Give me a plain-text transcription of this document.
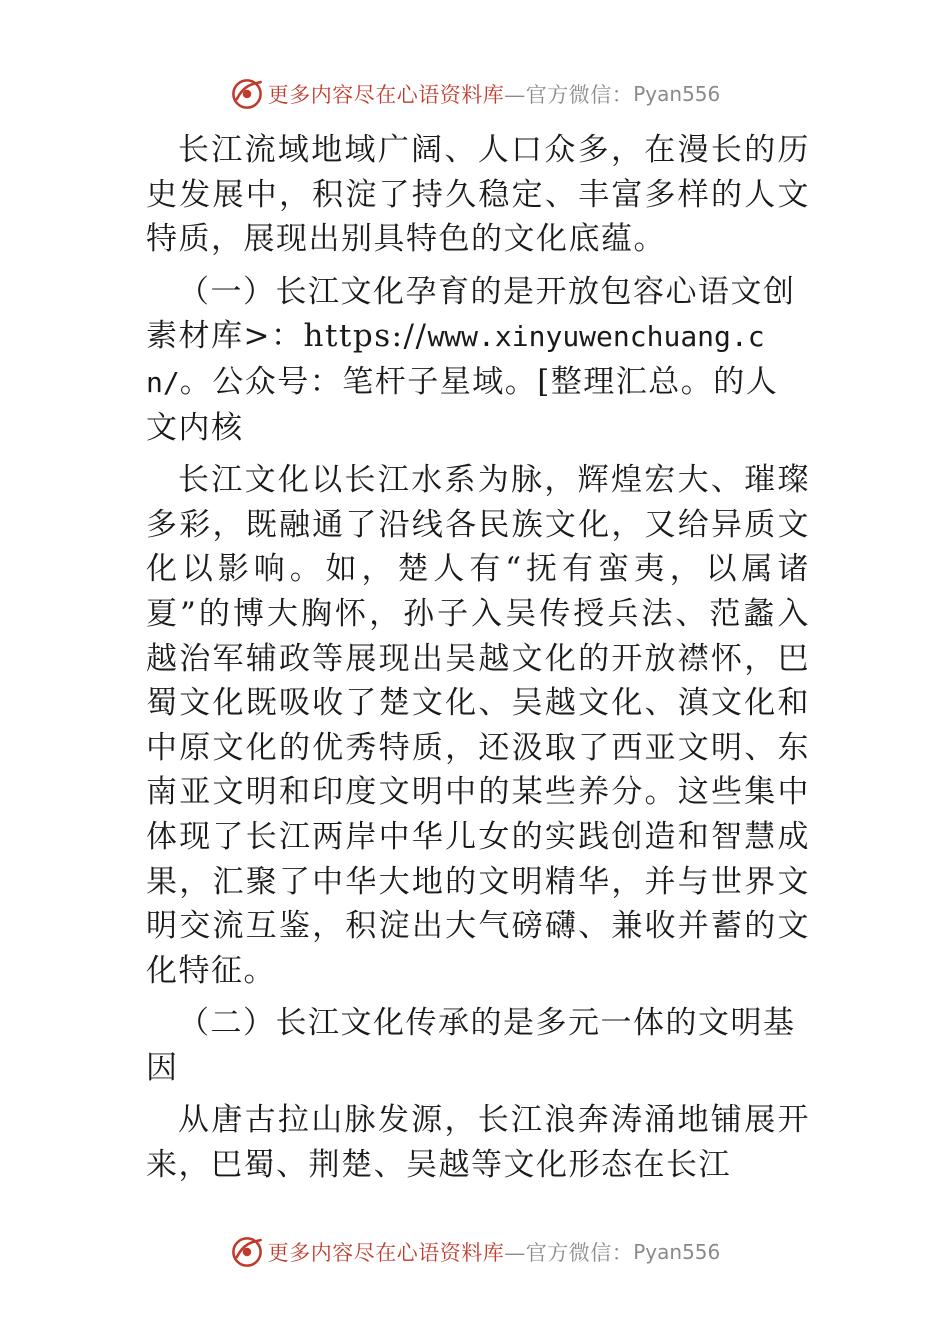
更多内容尽在心语资料库 —官方微信： Pyan556

长江流域地域广阔、人口众多，在漫长的历史发展中，积淀了持久稳定、丰富多样的人文特质，展现出别具特色的文化底蕴。

（一）长江文化孕育的是开放包容心语文创素材库>：https://www.xinyuwenchuang.cn/。公众号：笔杆子星域。[整理汇总。的人文内核

长江文化以长江水系为脉，辉煌宏大、璀璨多彩，既融通了沿线各民族文化，又给异质文化以影响。如，楚人有“抚有蛮夷，以属诸夏”的博大胸怀，孙子入吴传授兵法、范蠡入越治军辅政等展现出吴越文化的开放襟怀，巴蜀文化既吸收了楚文化、吴越文化、滇文化和中原文化的优秀特质，还汲取了西亚文明、东南亚文明和印度文明中的某些养分。这些集中体现了长江两岸中华儿女的实践创造和智慧成果，汇聚了中华大地的文明精华，并与世界文明交流互鉴，积淀出大气磅礴、兼收并蓄的文化特征。

（二）长江文化传承的是多元一体的文明基因

从唐古拉山脉发源，长江浪奔涛涌地铺展开来，巴蜀、荆楚、吴越等文化形态在长江

更多内容尽在心语资料库 —官方微信： Pyan556
